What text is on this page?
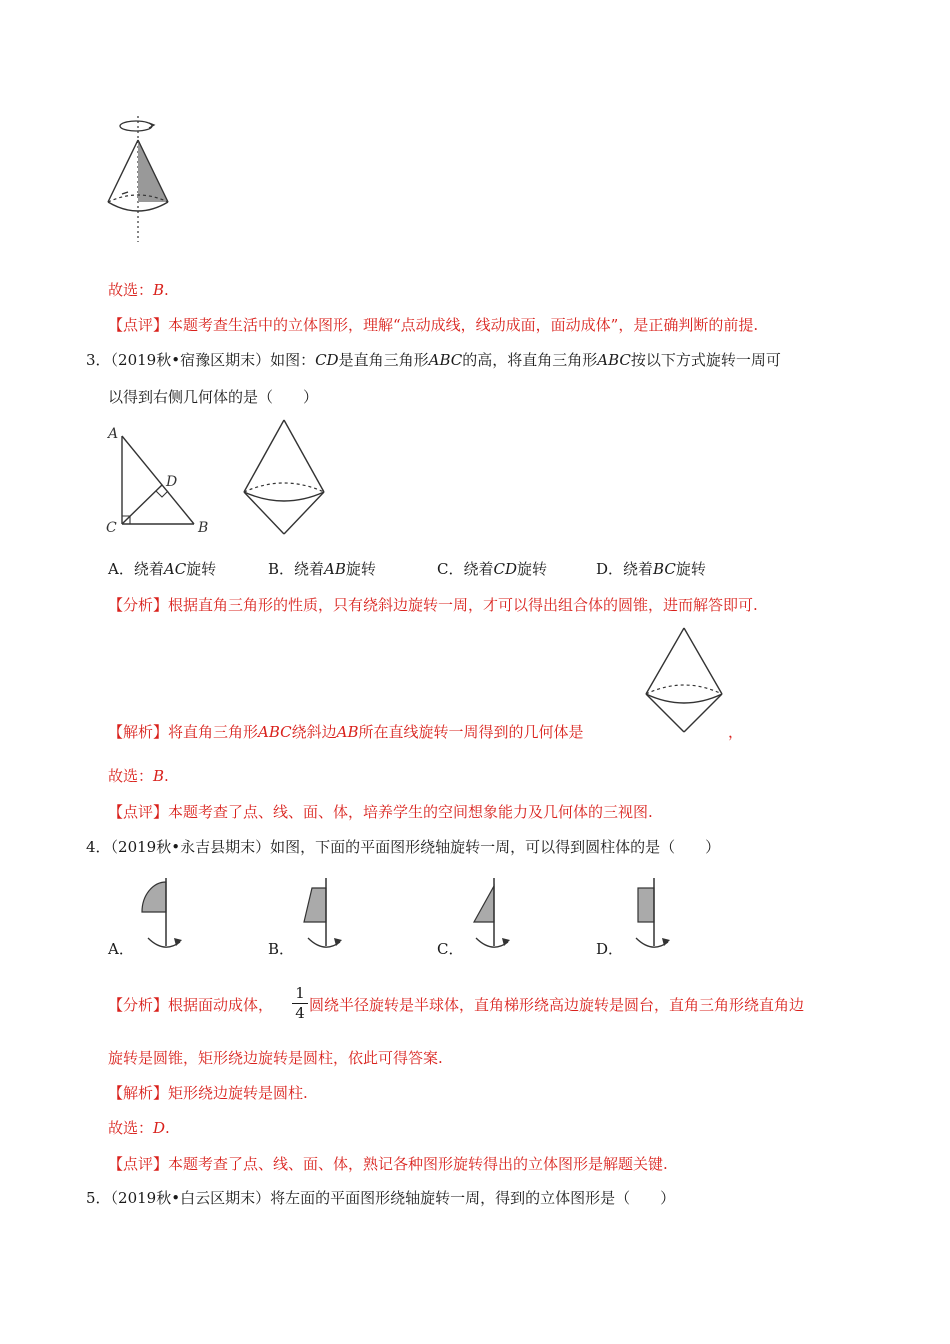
故选：B.
【点评】本题考查生活中的立体图形，理解“点动成线，线动成面，面动成体”，是正确判断的前提.
3．（2019秋•宿豫区期末）如图：CD是直角三角形ABC的高，将直角三角形ABC按以下方式旋转一周可
以得到右侧几何体的是（　　）
A
D
C	B
A．绕着AC旋转	B．绕着AB旋转	C．绕着CD旋转	D．绕着BC旋转
【分析】根据直角三角形的性质，只有绕斜边旋转一周，才可以得出组合体的圆锥，进而解答即可.
【解析】将直角三角形ABC绕斜边AB所在直线旋转一周得到的几何体是	，
故选：B.
【点评】本题考查了点、线、面、体，培养学生的空间想象能力及几何体的三视图.
4．（2019秋•永吉县期末）如图，下面的平面图形绕轴旋转一周，可以得到圆柱体的是（　　）
A．	B．	C．	D．
【分析】根据面动成体，
1
4 圆绕半径旋转是半球体，直角梯形绕高边旋转是圆台，直角三角形绕直角边
旋转是圆锥，矩形绕边旋转是圆柱，依此可得答案.
【解析】矩形绕边旋转是圆柱.
故选：D.
【点评】本题考查了点、线、面、体，熟记各种图形旋转得出的立体图形是解题关键.
5．（2019秋•白云区期末）将左面的平面图形绕轴旋转一周，得到的立体图形是（　　）
